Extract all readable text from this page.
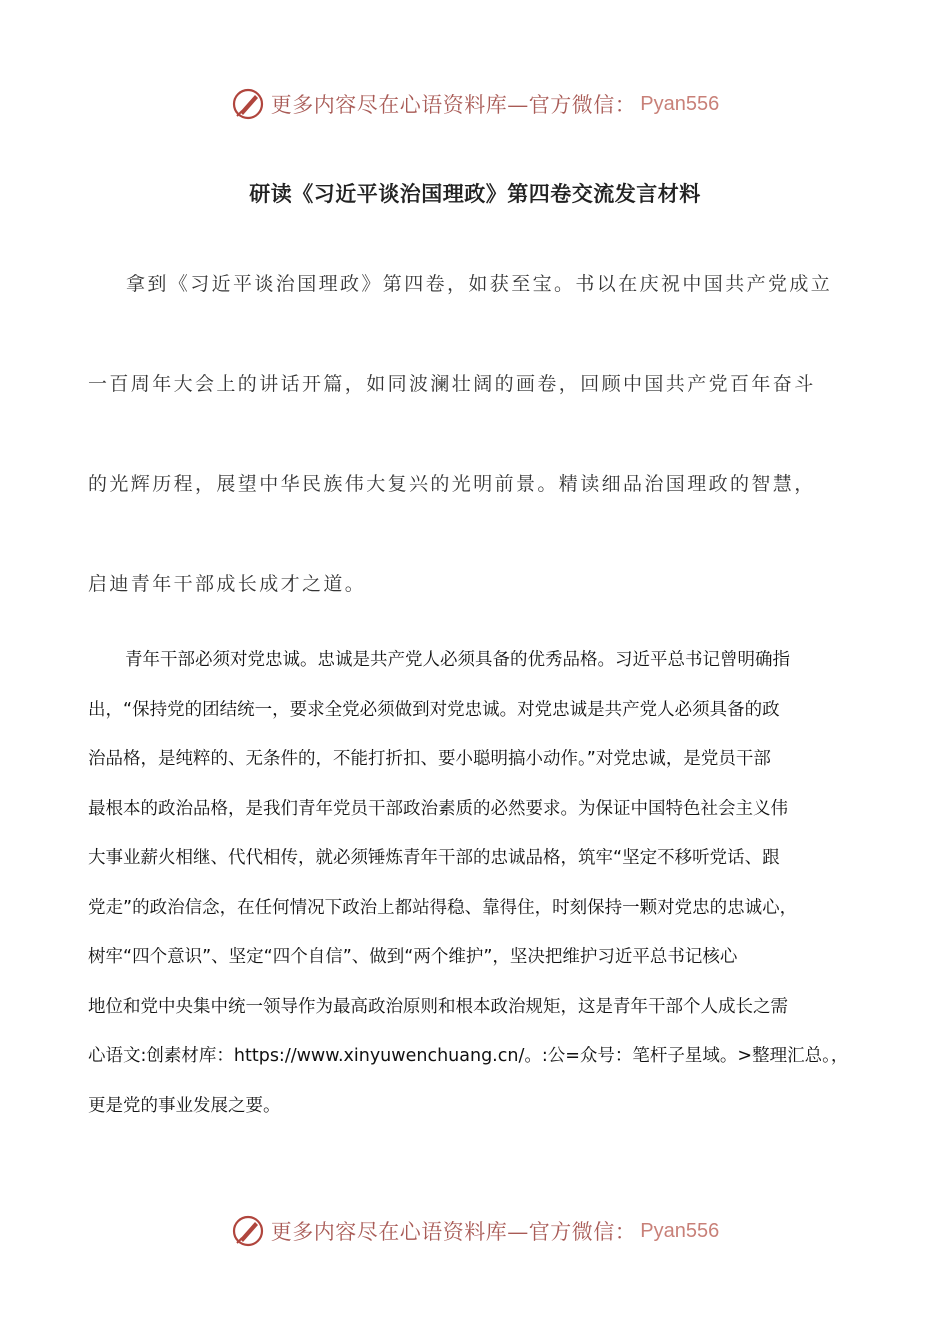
更多内容尽在心语资料库—官方微信： Pyan556
研读《习近平谈治国理政》第四卷交流发言材料
拿到《习近平谈治国理政》第四卷，如获至宝。书以在庆祝中国共产党成立
一百周年大会上的讲话开篇，如同波澜壮阔的画卷，回顾中国共产党百年奋斗
的光辉历程，展望中华民族伟大复兴的光明前景。精读细品治国理政的智慧，
启迪青年干部成长成才之道。
青年干部必须对党忠诚。忠诚是共产党人必须具备的优秀品格。习近平总书记曾明确指
出，“保持党的团结统一，要求全党必须做到对党忠诚。对党忠诚是共产党人必须具备的政
治品格，是纯粹的、无条件的，不能打折扣、要小聪明搞小动作。”对党忠诚，是党员干部
最根本的政治品格，是我们青年党员干部政治素质的必然要求。为保证中国特色社会主义伟
大事业薪火相继、代代相传，就必须锤炼青年干部的忠诚品格，筑牢“坚定不移听党话、跟
党走”的政治信念，在任何情况下政治上都站得稳、靠得住，时刻保持一颗对党忠的忠诚心，
树牢“四个意识”、坚定“四个自信”、做到“两个维护”，坚决把维护习近平总书记核心
地位和党中央集中统一领导作为最高政治原则和根本政治规矩，这是青年干部个人成长之需
心语文:创素材库：https://www.xinyuwenchuang.cn/。:公=众号：笔杆子星域。>整理汇总。，
更是党的事业发展之要。
更多内容尽在心语资料库—官方微信： Pyan556
